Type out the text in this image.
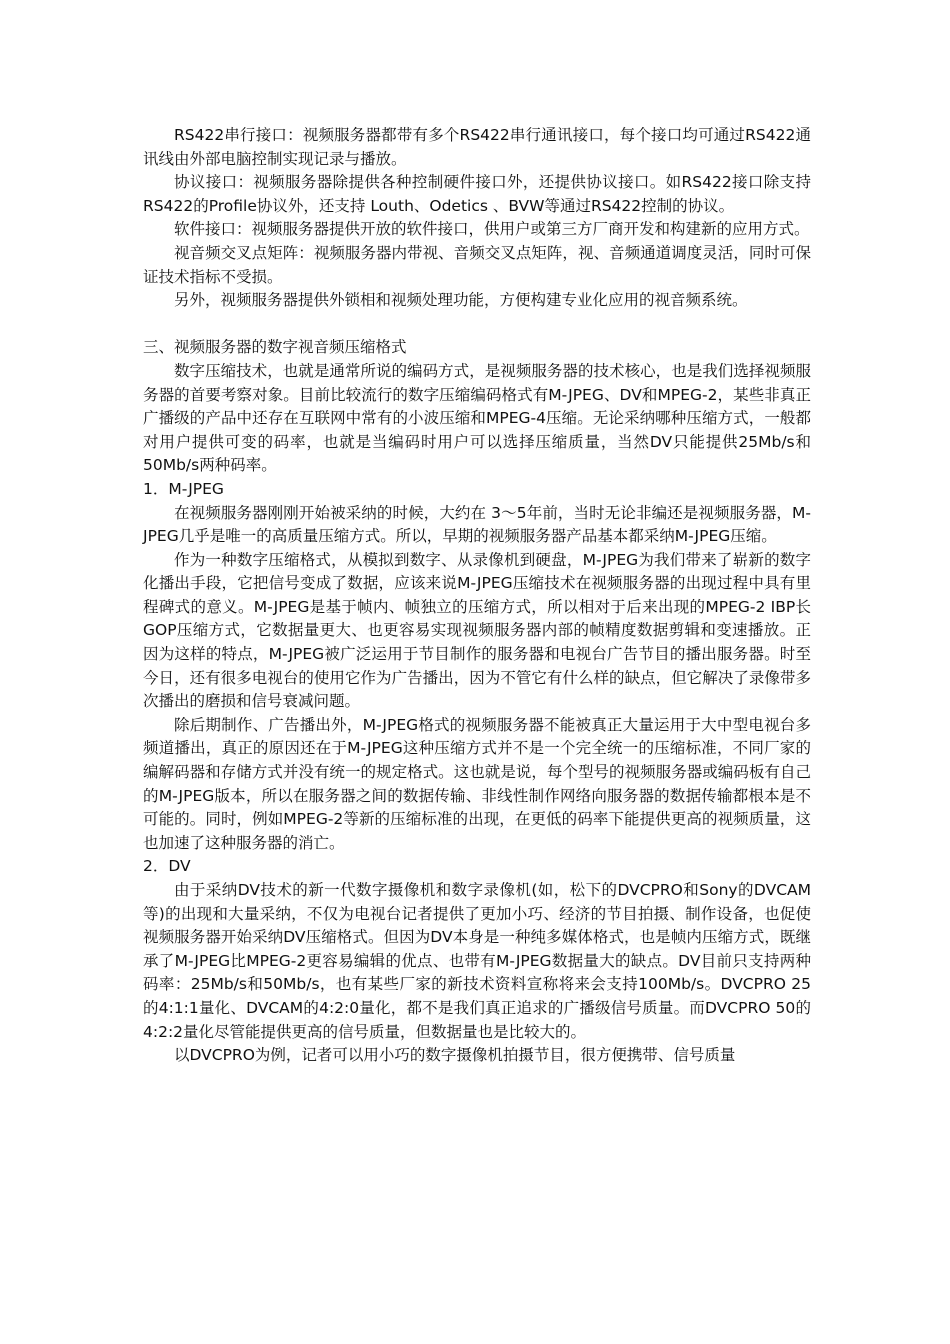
RS422串行接口：视频服务器都带有多个RS422串行通讯接口，每个接口均可通过RS422通讯线由外部电脑控制实现记录与播放。

协议接口：视频服务器除提供各种控制硬件接口外，还提供协议接口。如RS422接口除支持RS422的Profile协议外，还支持 Louth、Odetics 、BVW等通过RS422控制的协议。

软件接口：视频服务器提供开放的软件接口，供用户或第三方厂商开发和构建新的应用方式。

视音频交叉点矩阵：视频服务器内带视、音频交叉点矩阵，视、音频通道调度灵活，同时可保证技术指标不受损。

另外，视频服务器提供外锁相和视频处理功能，方便构建专业化应用的视音频系统。

三、视频服务器的数字视音频压缩格式

数字压缩技术，也就是通常所说的编码方式，是视频服务器的技术核心，也是我们选择视频服务器的首要考察对象。目前比较流行的数字压缩编码格式有M-JPEG、DV和MPEG-2，某些非真正广播级的产品中还存在互联网中常有的小波压缩和MPEG-4压缩。无论采纳哪种压缩方式，一般都对用户提供可变的码率，也就是当编码时用户可以选择压缩质量，当然DV只能提供25Mb/s和50Mb/s两种码率。

1．M-JPEG

在视频服务器刚刚开始被采纳的时候，大约在 3～5年前，当时无论非编还是视频服务器，M-JPEG几乎是唯一的高质量压缩方式。所以，早期的视频服务器产品基本都采纳M-JPEG压缩。

作为一种数字压缩格式，从模拟到数字、从录像机到硬盘，M-JPEG为我们带来了崭新的数字化播出手段，它把信号变成了数据，应该来说M-JPEG压缩技术在视频服务器的出现过程中具有里程碑式的意义。M-JPEG是基于帧内、帧独立的压缩方式，所以相对于后来出现的MPEG-2 IBP长GOP压缩方式，它数据量更大、也更容易实现视频服务器内部的帧精度数据剪辑和变速播放。正因为这样的特点，M-JPEG被广泛运用于节目制作的服务器和电视台广告节目的播出服务器。时至今日，还有很多电视台的使用它作为广告播出，因为不管它有什么样的缺点，但它解决了录像带多次播出的磨损和信号衰减问题。

除后期制作、广告播出外，M-JPEG格式的视频服务器不能被真正大量运用于大中型电视台多频道播出，真正的原因还在于M-JPEG这种压缩方式并不是一个完全统一的压缩标准，不同厂家的编解码器和存储方式并没有统一的规定格式。这也就是说，每个型号的视频服务器或编码板有自己的M-JPEG版本，所以在服务器之间的数据传输、非线性制作网络向服务器的数据传输都根本是不可能的。同时，例如MPEG-2等新的压缩标准的出现，在更低的码率下能提供更高的视频质量，这也加速了这种服务器的消亡。

2．DV

由于采纳DV技术的新一代数字摄像机和数字录像机(如，松下的DVCPRO和Sony的DVCAM等)的出现和大量采纳，不仅为电视台记者提供了更加小巧、经济的节目拍摄、制作设备，也促使视频服务器开始采纳DV压缩格式。但因为DV本身是一种纯多媒体格式，也是帧内压缩方式，既继承了M-JPEG比MPEG-2更容易编辑的优点、也带有M-JPEG数据量大的缺点。DV目前只支持两种码率：25Mb/s和50Mb/s，也有某些厂家的新技术资料宣称将来会支持100Mb/s。DVCPRO 25的4:1:1量化、DVCAM的4:2:0量化，都不是我们真正追求的广播级信号质量。而DVCPRO 50的4:2:2量化尽管能提供更高的信号质量，但数据量也是比较大的。

以DVCPRO为例，记者可以用小巧的数字摄像机拍摄节目，很方便携带、信号质量
